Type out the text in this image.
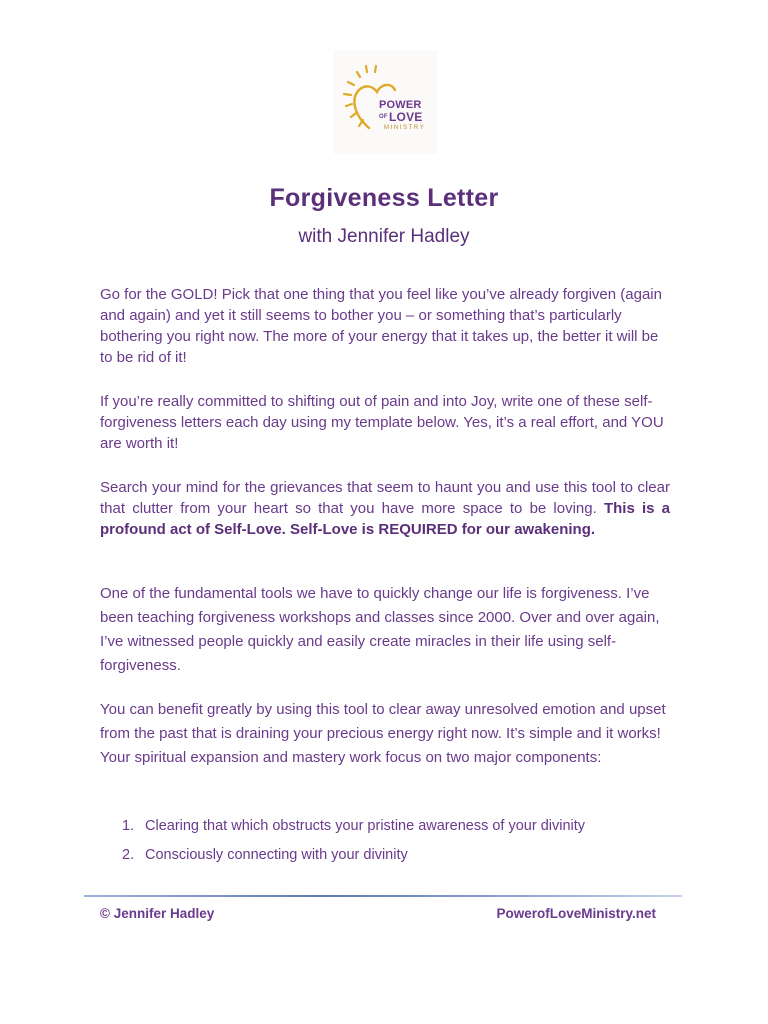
POWER
OF LOVE
MINISTRY
Forgiveness Letter
with Jennifer Hadley

Go for the GOLD! Pick that one thing that you feel like you’ve already forgiven (again and again) and yet it still seems to bother you – or something that’s particularly bothering you right now. The more of your energy that it takes up, the better it will be to be rid of it!

If you’re really committed to shifting out of pain and into Joy, write one of these self-forgiveness letters each day using my template below. Yes, it’s a real effort, and YOU are worth it!

Search your mind for the grievances that seem to haunt you and use this tool to clear that clutter from your heart so that you have more space to be loving. This is a profound act of Self-Love. Self-Love is REQUIRED for our awakening.

One of the fundamental tools we have to quickly change our life is forgiveness. I’ve been teaching forgiveness workshops and classes since 2000. Over and over again, I’ve witnessed people quickly and easily create miracles in their life using self-forgiveness.

You can benefit greatly by using this tool to clear away unresolved emotion and upset from the past that is draining your precious energy right now. It’s simple and it works! Your spiritual expansion and mastery work focus on two major components:

1. Clearing that which obstructs your pristine awareness of your divinity
2. Consciously connecting with your divinity
© Jennifer Hadley	PowerofLoveMinistry.net
